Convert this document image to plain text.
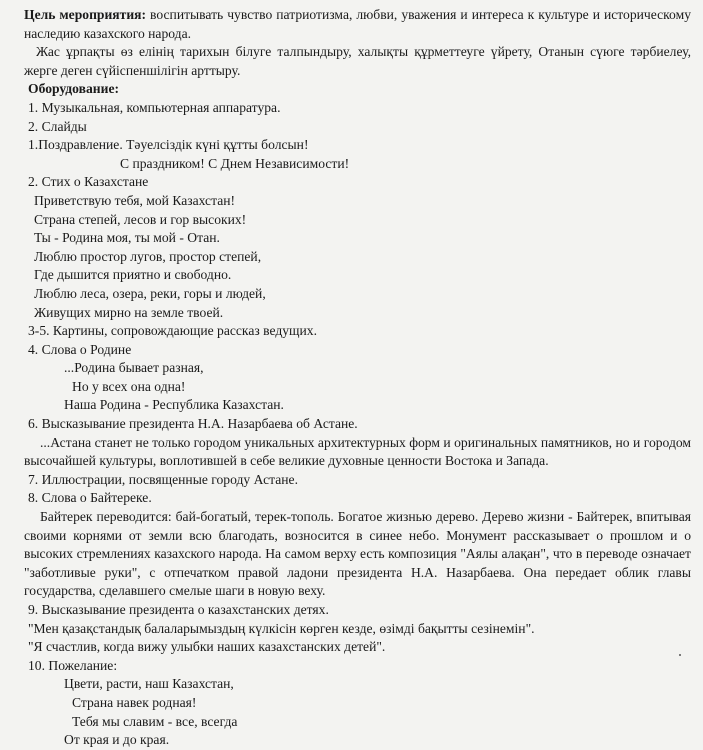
Цель мероприятия: воспитывать чувство патриотизма, любви, уважения и интереса к культуре и историческому наследию казахского народа.

Жас ұрпақты өз елінің тарихын білуге талпындыру, халықты құрметтеуге үйрету, Отанын сүюге тәрбиелеу, жерге деген сүйіспеншілігін арттыру.

Оборудование:

1. Музыкальная, компьютерная аппаратура.

2. Слайды

1.Поздравление. Тәуелсіздік күні құтты болсын!

С праздником! С Днем Независимости!

2. Стих о Казахстане

Приветствую тебя, мой Казахстан!

Страна степей, лесов и гор высоких!

Ты - Родина моя, ты мой - Отан.

Люблю простор лугов, простор степей,

Где дышится приятно и свободно.

Люблю леса, озера, реки, горы и людей,

Живущих мирно на земле твоей.

3-5. Картины, сопровождающие рассказ ведущих.

4. Слова о Родине

...Родина бывает разная,

Но у всех она одна!

Наша Родина - Республика Казахстан.

6. Высказывание президента Н.А. Назарбаева об Астане.

...Астана станет не только городом уникальных архитектурных форм и оригинальных памятников, но и городом высочайшей культуры, воплотившей в себе великие духовные ценности Востока и Запада.

7. Иллюстрации, посвященные городу Астане.

8. Слова о Байтереке.

Байтерек переводится: бай-богатый, терек-тополь. Богатое жизнью дерево. Дерево жизни - Байтерек, впитывая своими корнями от земли всю благодать, возносится в синее небо. Монумент рассказывает о прошлом и о высоких стремлениях казахского народа. На самом верху есть композиция "Аялы алақан", что в переводе означает "заботливые руки", с отпечатком правой ладони президента Н.А. Назарбаева. Она передает облик главы государства, сделавшего смелые шаги в новую веху.

9. Высказывание президента о казахстанских детях.

"Мен қазақстандық балаларымыздың күлкісін көрген кезде, өзімді бақытты сезінемін".

"Я счастлив, когда вижу улыбки наших казахстанских детей".

10. Пожелание:

Цвети, расти, наш Казахстан,

Страна навек родная!

Тебя мы славим - все, всегда

От края и до края.
